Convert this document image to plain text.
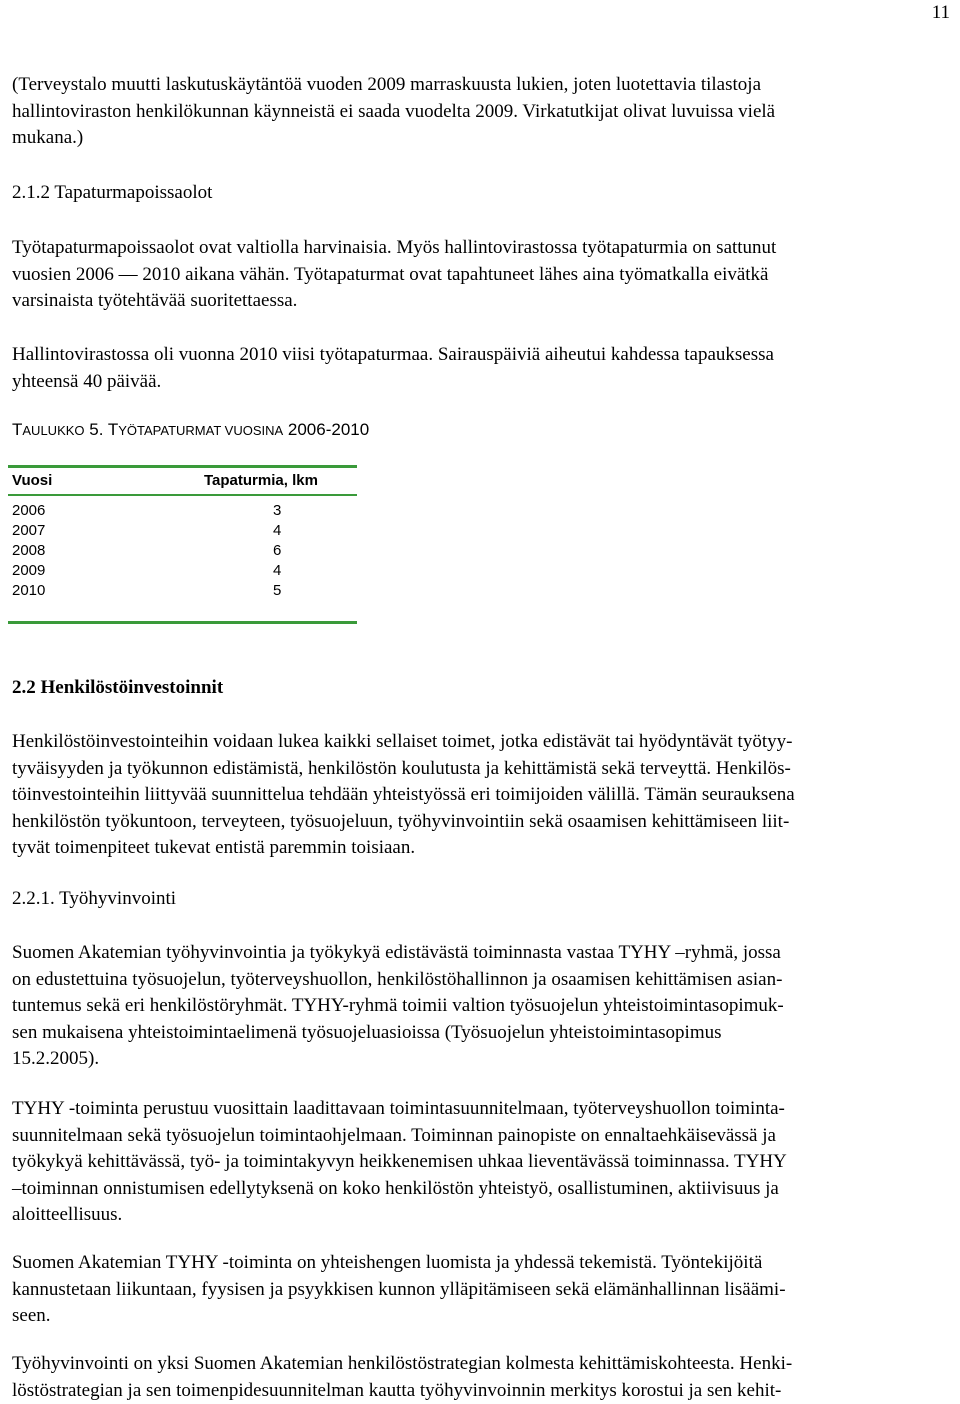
11

(Terveystalo muutti laskutuskäytäntöä vuoden 2009 marraskuusta lukien, joten luotettavia tilastoja
hallintoviraston henkilökunnan käynneistä ei saada vuodelta 2009. Virkatutkijat olivat luvuissa vielä
mukana.)

2.1.2 Tapaturmapoissaolot

Työtapaturmapoissaolot ovat valtiolla harvinaisia. Myös hallintovirastossa työtapaturmia on sattunut
vuosien 2006 — 2010 aikana vähän. Työtapaturmat ovat tapahtuneet lähes aina työmatkalla eivätkä
varsinaista työtehtävää suoritettaessa.

Hallintovirastossa oli vuonna 2010 viisi työtapaturmaa. Sairauspäiviä aiheutui kahdessa tapauksessa
yhteensä 40 päivää.

TAULUKKO 5. TYÖTAPATURMAT VUOSINA 2006-2010
Vuosi	Tapaturmia, lkm
2006
2007
2008
2009
2010
3
4
6
4
5
2.2 Henkilöstöinvestoinnit

Henkilöstöinvestointeihin voidaan lukea kaikki sellaiset toimet, jotka edistävät tai hyödyntävät työtyy-
tyväisyyden ja työkunnon edistämistä, henkilöstön koulutusta ja kehittämistä sekä terveyttä. Henkilös-
töinvestointeihin liittyvää suunnittelua tehdään yhteistyössä eri toimijoiden välillä. Tämän seurauksena
henkilöstön työkuntoon, terveyteen, työsuojeluun, työhyvinvointiin sekä osaamisen kehittämiseen liit-
tyvät toimenpiteet tukevat entistä paremmin toisiaan.

2.2.1. Työhyvinvointi

Suomen Akatemian työhyvinvointia ja työkykyä edistävästä toiminnasta vastaa TYHY –ryhmä, jossa
on edustettuina työsuojelun, työterveyshuollon, henkilöstöhallinnon ja osaamisen kehittämisen asian-
tuntemus sekä eri henkilöstöryhmät. TYHY-ryhmä toimii valtion työsuojelun yhteistoimintasopimuk-
sen mukaisena yhteistoimintaelimenä työsuojeluasioissa (Työsuojelun yhteistoimintasopimus
15.2.2005).

TYHY -toiminta perustuu vuosittain laadittavaan toimintasuunnitelmaan, työterveyshuollon toiminta-
suunnitelmaan sekä työsuojelun toimintaohjelmaan. Toiminnan painopiste on ennaltaehkäisevässä ja
työkykyä kehittävässä, työ- ja toimintakyvyn heikkenemisen uhkaa lieventävässä toiminnassa. TYHY
–toiminnan onnistumisen edellytyksenä on koko henkilöstön yhteistyö, osallistuminen, aktiivisuus ja
aloitteellisuus.

Suomen Akatemian TYHY -toiminta on yhteishengen luomista ja yhdessä tekemistä. Työntekijöitä
kannustetaan liikuntaan, fyysisen ja psyykkisen kunnon ylläpitämiseen sekä elämänhallinnan lisäämi-
seen.

Työhyvinvointi on yksi Suomen Akatemian henkilöstöstrategian kolmesta kehittämiskohteesta. Henki-
löstöstrategian ja sen toimenpidesuunnitelman kautta työhyvinvoinnin merkitys korostui ja sen kehit-
